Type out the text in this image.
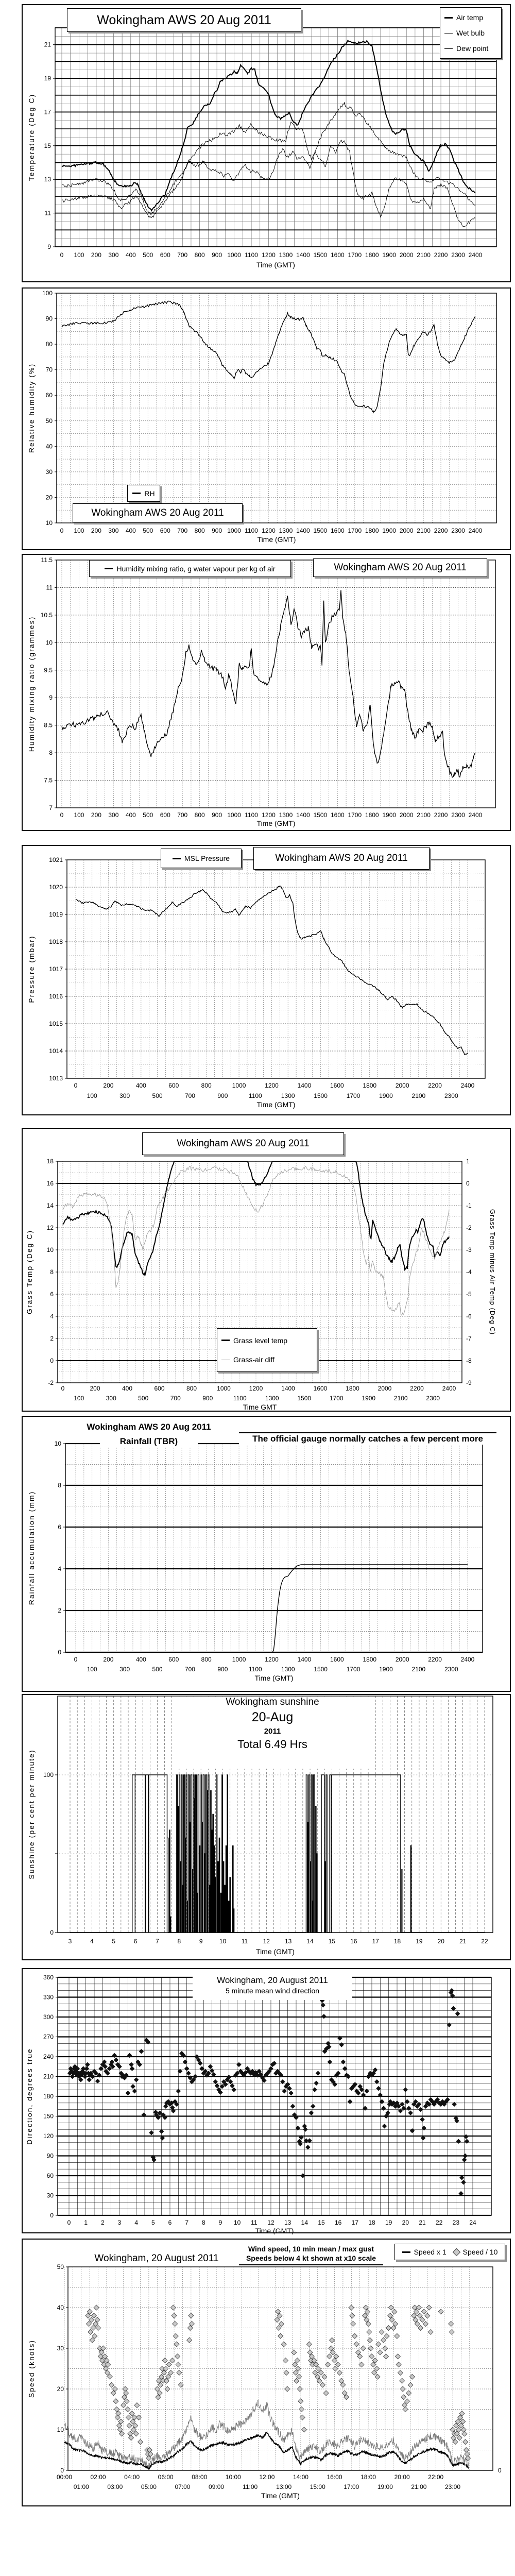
9
11
13
15
17
19
21
0 100 200 300 400 500 600 700 800 900 1000 1100 1200 1300 1400 1500 1600 1700 1800 1900 2000 2100 2200 2300 2400
Time (GMT)
Temperature (Deg C)
Wokingham AWS 20 Aug 2011	Air temp
Wet bulb
Dew point
10
20
30
40
50
60
70
80
90
100
0 100 200 300 400 500 600 700 800 900 1000 1100 1200 1300 1400 1500 1600 1700 1800 1900 2000 2100 2200 2300 2400
Time (GMT)
Relative humidity (%)
RH
Wokingham AWS 20 Aug 2011
7
7.5
8
8.5
9
9.5
10
10.5
11
11.5
0 100 200 300 400 500 600 700 800 900 1000 1100 1200 1300 1400 1500 1600 1700 1800 1900 2000 2100 2200 2300 2400
Time (GMT)
Humidity mixing ratio (grammes)
Humidity mixing ratio, g water vapour per kg of air	Wokingham AWS 20 Aug 2011
1013
1014
1015
1016
1017
1018
1019
1020
1021
0	200	400	600	800	1000	1200	1400	1600	1800	2000	2200	2400
100	300	500	700	900	1100	1300	1500	1700	1900	2100	2300
Time (GMT)
Pressure (mbar)
MSL Pressure	Wokingham AWS 20 Aug 2011
-2
0
2
4
6
8
10
12
14
16
18	1
0
-1
-2
-3
-4
-5
-6
-7
-8
-9
0	200	400	600	800	1000	1200	1400	1600	1800	2000	2200	2400
100	300	500	700	900	1100	1300	1500	1700	1900	2100	2300
Time GMT
Grass Temp (Deg C)	Grass Temp minus Air Temp (Deg C)
Wokingham AWS 20 Aug 2011
Grass level temp
Grass-air diff
0
2
4
6
8
10
0	200	400	600	800	1000	1200	1400	1600	1800	2000	2200	2400
100	300	500	700	900	1100	1300	1500	1700	1900	2100	2300
Time (GMT)
Rainfall accumulation (mm)
Wokingham AWS 20 Aug 2011
Rainfall (TBR)	The official gauge normally catches a few percent more
0
100
3	4	5	6	7	8	9	10 11 12 13 14 15 16 17 18 19 20 21 22
Time (GMT)
Sunshine (per cent per minute)
Wokingham sunshine
20-Aug
2011
Total 6.49 Hrs
0
30
60
90
120
150
180
210
240
270
300
330
360
0 1 2 3 4 5 6 7 8 9 10 11 12 13 14 15 16 17 18 19 20 21 22 23 24
Time (GMT)
Direction, degrees true
Wokingham, 20 August 2011
5 minute mean wind direction
0
10
20
30
40
50
0
00:00	02:00	04:00	06:00	08:00	10:00	12:00	14:00	16:00	18:00	20:00	22:00
01:00	03:00	05:00	07:00	09:00	11:00	13:00	15:00	17:00	19:00	21:00	23:00
Time (GMT)
Speed (knots)
Wokingham, 20 August 2011
Wind speed, 10 min mean / max gust
Speeds below 4 kt shown at x10 scale
Speed x 1 Speed / 10
